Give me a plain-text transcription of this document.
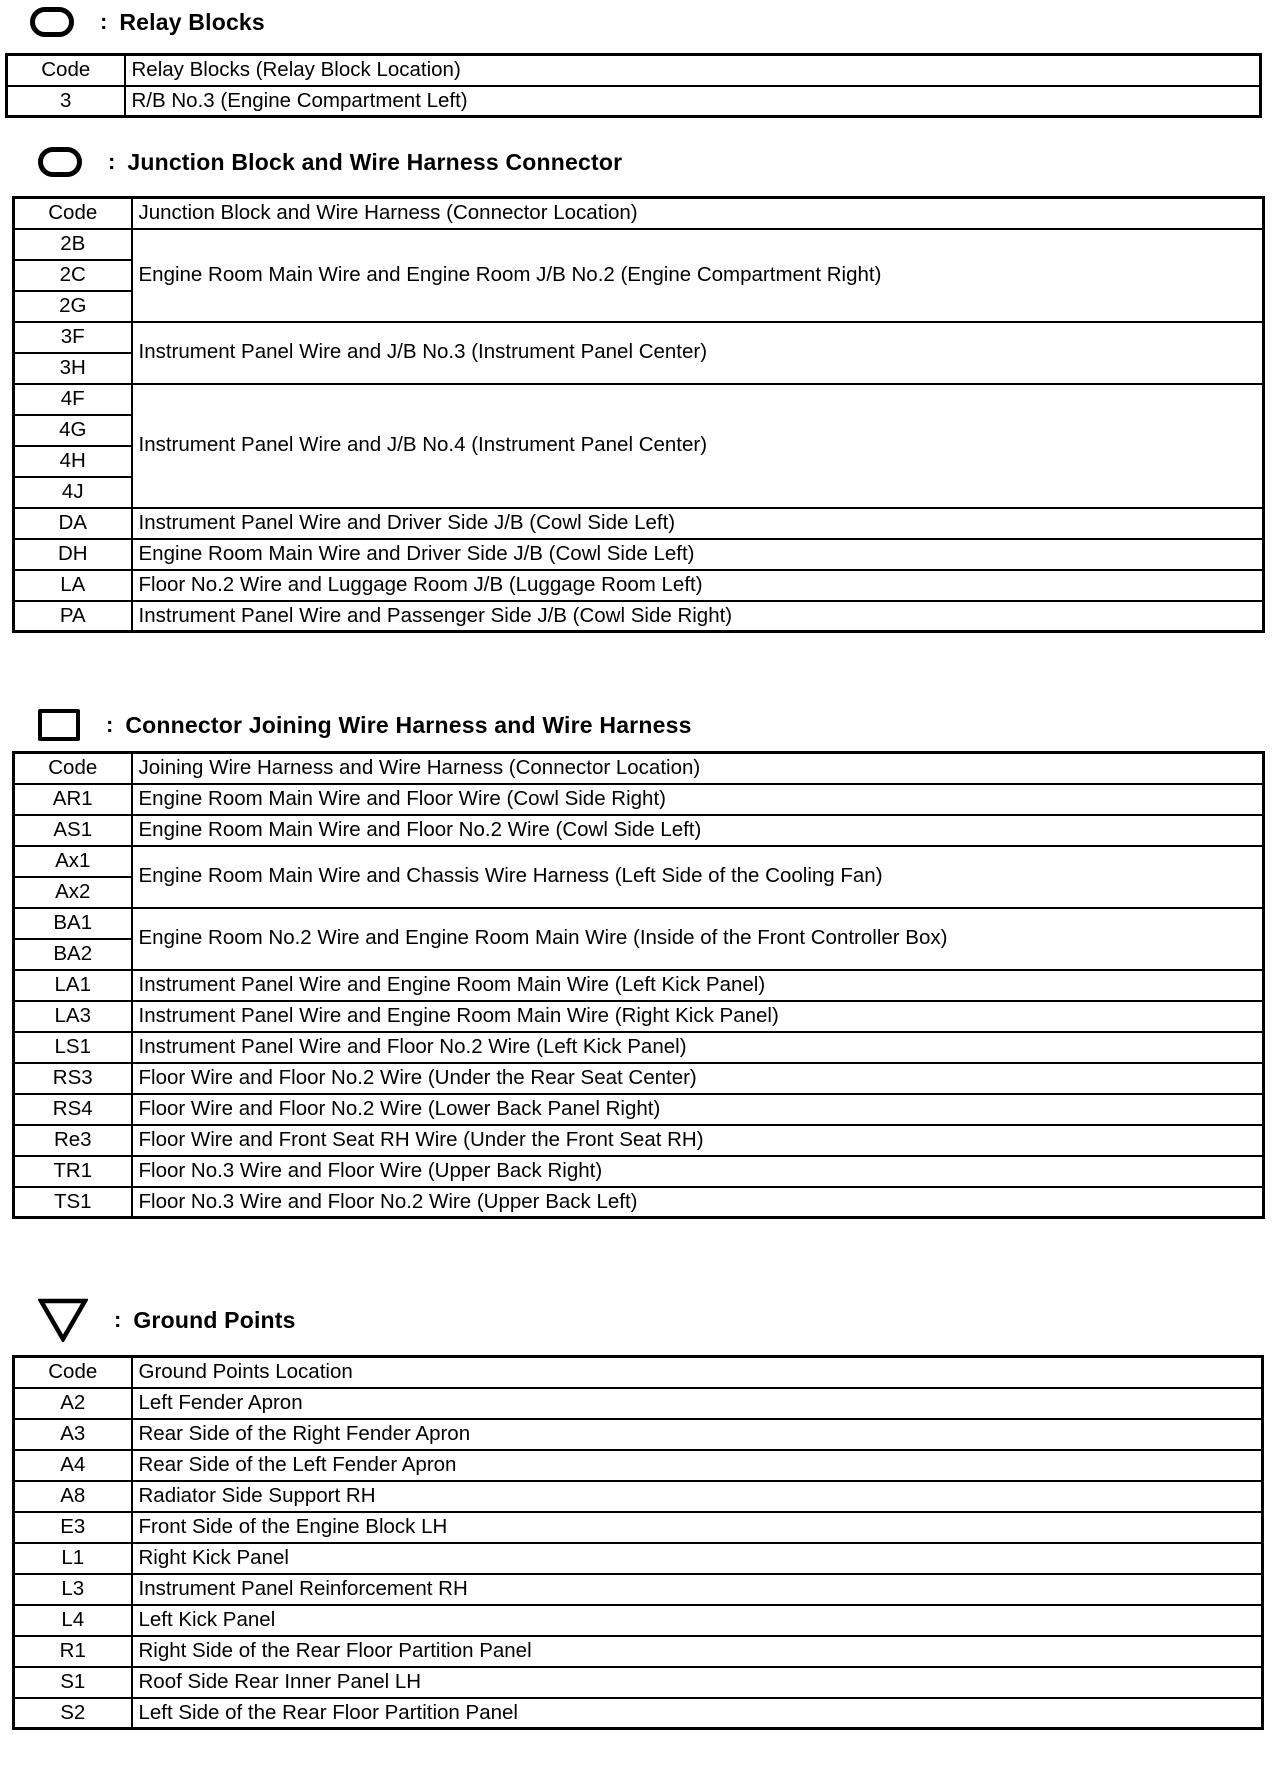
: Relay Blocks
Code	Relay Blocks (Relay Block Location)
3	R/B No.3 (Engine Compartment Left)
: Junction Block and Wire Harness Connector
Code	Junction Block and Wire Harness (Connector Location)
2B	Engine Room Main Wire and Engine Room J/B No.2 (Engine Compartment Right)
2C	
2G	
3F	Instrument Panel Wire and J/B No.3 (Instrument Panel Center)
3H	
4F	Instrument Panel Wire and J/B No.4 (Instrument Panel Center)
4G	
4H	
4J	
DA	Instrument Panel Wire and Driver Side J/B (Cowl Side Left)
DH	Engine Room Main Wire and Driver Side J/B (Cowl Side Left)
LA	Floor No.2 Wire and Luggage Room J/B (Luggage Room Left)
PA	Instrument Panel Wire and Passenger Side J/B (Cowl Side Right)
: Connector Joining Wire Harness and Wire Harness
Code	Joining Wire Harness and Wire Harness (Connector Location)
AR1	Engine Room Main Wire and Floor Wire (Cowl Side Right)
AS1	Engine Room Main Wire and Floor No.2 Wire (Cowl Side Left)
Ax1	Engine Room Main Wire and Chassis Wire Harness (Left Side of the Cooling Fan)
Ax2	
BA1	Engine Room No.2 Wire and Engine Room Main Wire (Inside of the Front Controller Box)
BA2	
LA1	Instrument Panel Wire and Engine Room Main Wire (Left Kick Panel)
LA3	Instrument Panel Wire and Engine Room Main Wire (Right Kick Panel)
LS1	Instrument Panel Wire and Floor No.2 Wire (Left Kick Panel)
RS3	Floor Wire and Floor No.2 Wire (Under the Rear Seat Center)
RS4	Floor Wire and Floor No.2 Wire (Lower Back Panel Right)
Re3	Floor Wire and Front Seat RH Wire (Under the Front Seat RH)
TR1	Floor No.3 Wire and Floor Wire (Upper Back Right)
TS1	Floor No.3 Wire and Floor No.2 Wire (Upper Back Left)
: Ground Points
Code	Ground Points Location
A2	Left Fender Apron
A3	Rear Side of the Right Fender Apron
A4	Rear Side of the Left Fender Apron
A8	Radiator Side Support RH
E3	Front Side of the Engine Block LH
L1	Right Kick Panel
L3	Instrument Panel Reinforcement RH
L4	Left Kick Panel
R1	Right Side of the Rear Floor Partition Panel
S1	Roof Side Rear Inner Panel LH
S2	Left Side of the Rear Floor Partition Panel
